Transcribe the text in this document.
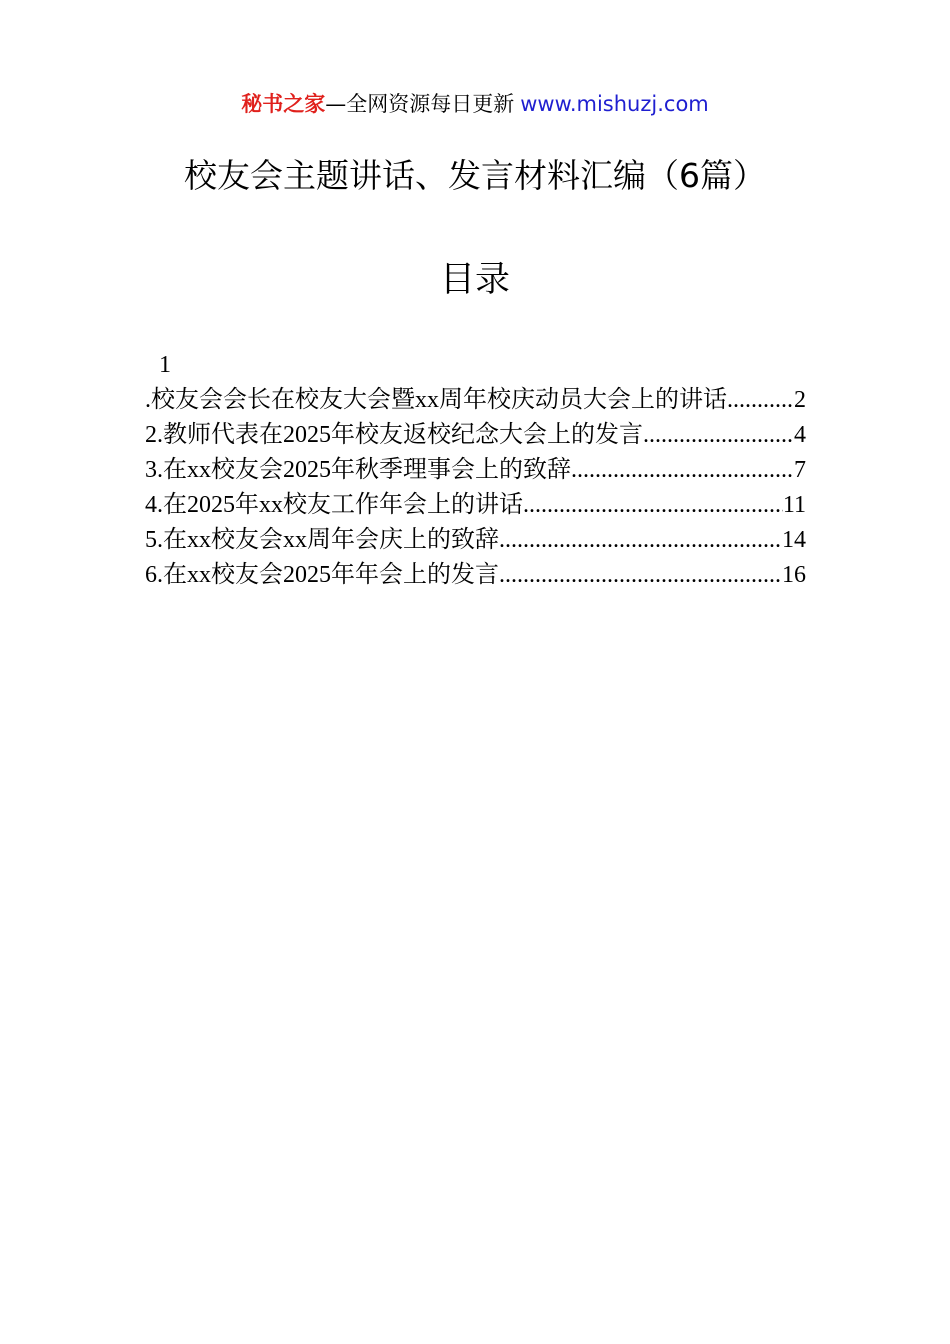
秘书之家—全网资源每日更新 www.mishuzj.com
校友会主题讲话、发言材料汇编（6篇）
目录
1
.校友会会长在校友大会暨xx周年校庆动员大会上的讲话 .....	2
2.教师代表在2025年校友返校纪念大会上的发言 .....	4
3.在xx校友会2025年秋季理事会上的致辞 .....	7
4.在2025年xx校友工作年会上的讲话 .....	11
5.在xx校友会xx周年会庆上的致辞 .....	14
6.在xx校友会2025年年会上的发言 .....	16
